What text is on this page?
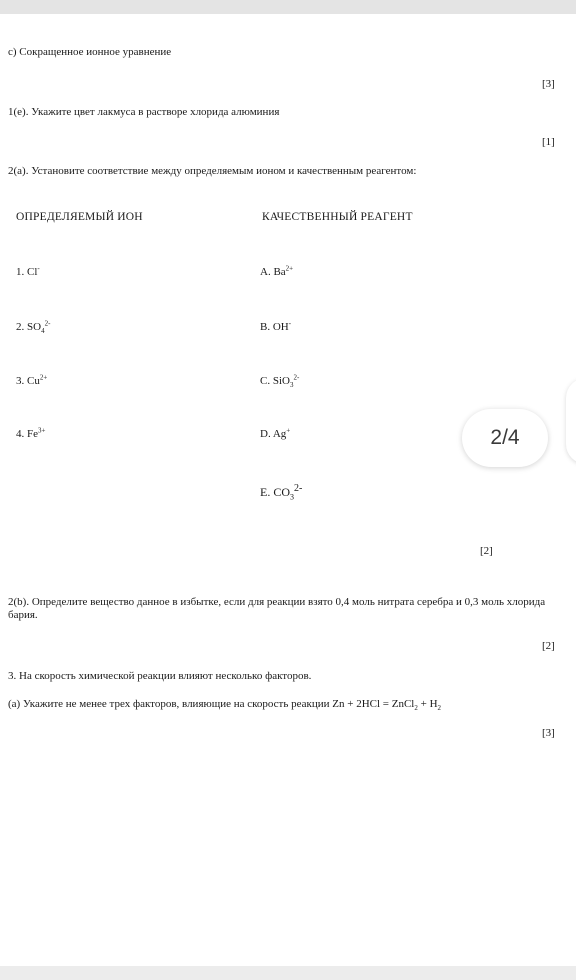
c) Сокращенное ионное уравнение
[3]
1(e). Укажите цвет лакмуса в растворе хлорида алюминия
[1]
2(a). Установите соответствие между определяемым ионом и качественным реагентом:
ОПРЕДЕЛЯЕМЫЙ ИОН	КАЧЕСТВЕННЫЙ РЕАГЕНТ
1. Cl-
2. $SO_4^{2-}$
3. $Cu^{2+}$
4. $Fe^{3+}$
A. $Ba^{2+}$
B. OH-
C. SiO$_3^{2-}$
D. Ag+
E. $CO_3^{2-}$
[2]
2(b). Определите вещество данное в избытке, если для реакции взято 0,4 моль нитрата серебра и 0,3 моль хлорида бария.
[2]
3. На скорость химической реакции влияют несколько факторов.
(a) Укажите не менее трех факторов, влияющие на скорость реакции Zn + 2HCl = ZnCl$_2$ + $H_2$
[3]
2/4
